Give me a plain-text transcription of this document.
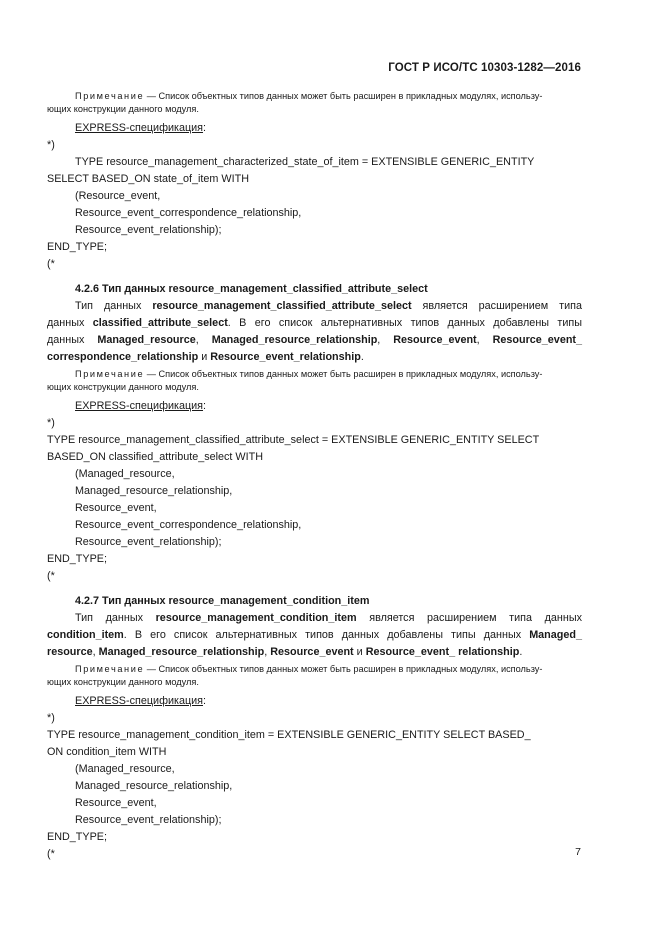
ГОСТ Р ИСО/ТС 10303-1282—2016
Примечание — Список объектных типов данных может быть расширен в прикладных модулях, использу-
ющих конструкции данного модуля.
EXPRESS-спецификация:
*)
TYPE resource_management_characterized_state_of_item = EXTENSIBLE GENERIC_ENTITY
SELECT BASED_ON state_of_item WITH
(Resource_event,
Resource_event_correspondence_relationship,
Resource_event_relationship);
END_TYPE;
(*
4.2.6 Тип данных resource_management_classified_attribute_select
Тип данных resource_management_classified_attribute_select является расширением типа
данных classified_attribute_select. В его список альтернативных типов данных добавлены типы
данных Managed_resource, Managed_resource_relationship, Resource_event, Resource_event_
correspondence_relationship и Resource_event_relationship.
Примечание — Список объектных типов данных может быть расширен в прикладных модулях, использу-
ющих конструкции данного модуля.
EXPRESS-спецификация:
*)
TYPE resource_management_classified_attribute_select = EXTENSIBLE GENERIC_ENTITY SELECT
BASED_ON classified_attribute_select WITH
(Managed_resource,
Managed_resource_relationship,
Resource_event,
Resource_event_correspondence_relationship,
Resource_event_relationship);
END_TYPE;
(*
4.2.7 Тип данных resource_management_condition_item
Тип данных resource_management_condition_item является расширением типа данных
condition_item. В его список альтернативных типов данных добавлены типы данных Managed_
resource, Managed_resource_relationship, Resource_event и Resource_event_ relationship.
Примечание — Список объектных типов данных может быть расширен в прикладных модулях, использу-
ющих конструкции данного модуля.
EXPRESS-спецификация:
*)
TYPE resource_management_condition_item = EXTENSIBLE GENERIC_ENTITY SELECT BASED_
ON condition_item WITH
(Managed_resource,
Managed_resource_relationship,
Resource_event,
Resource_event_relationship);
END_TYPE;
(*	7
